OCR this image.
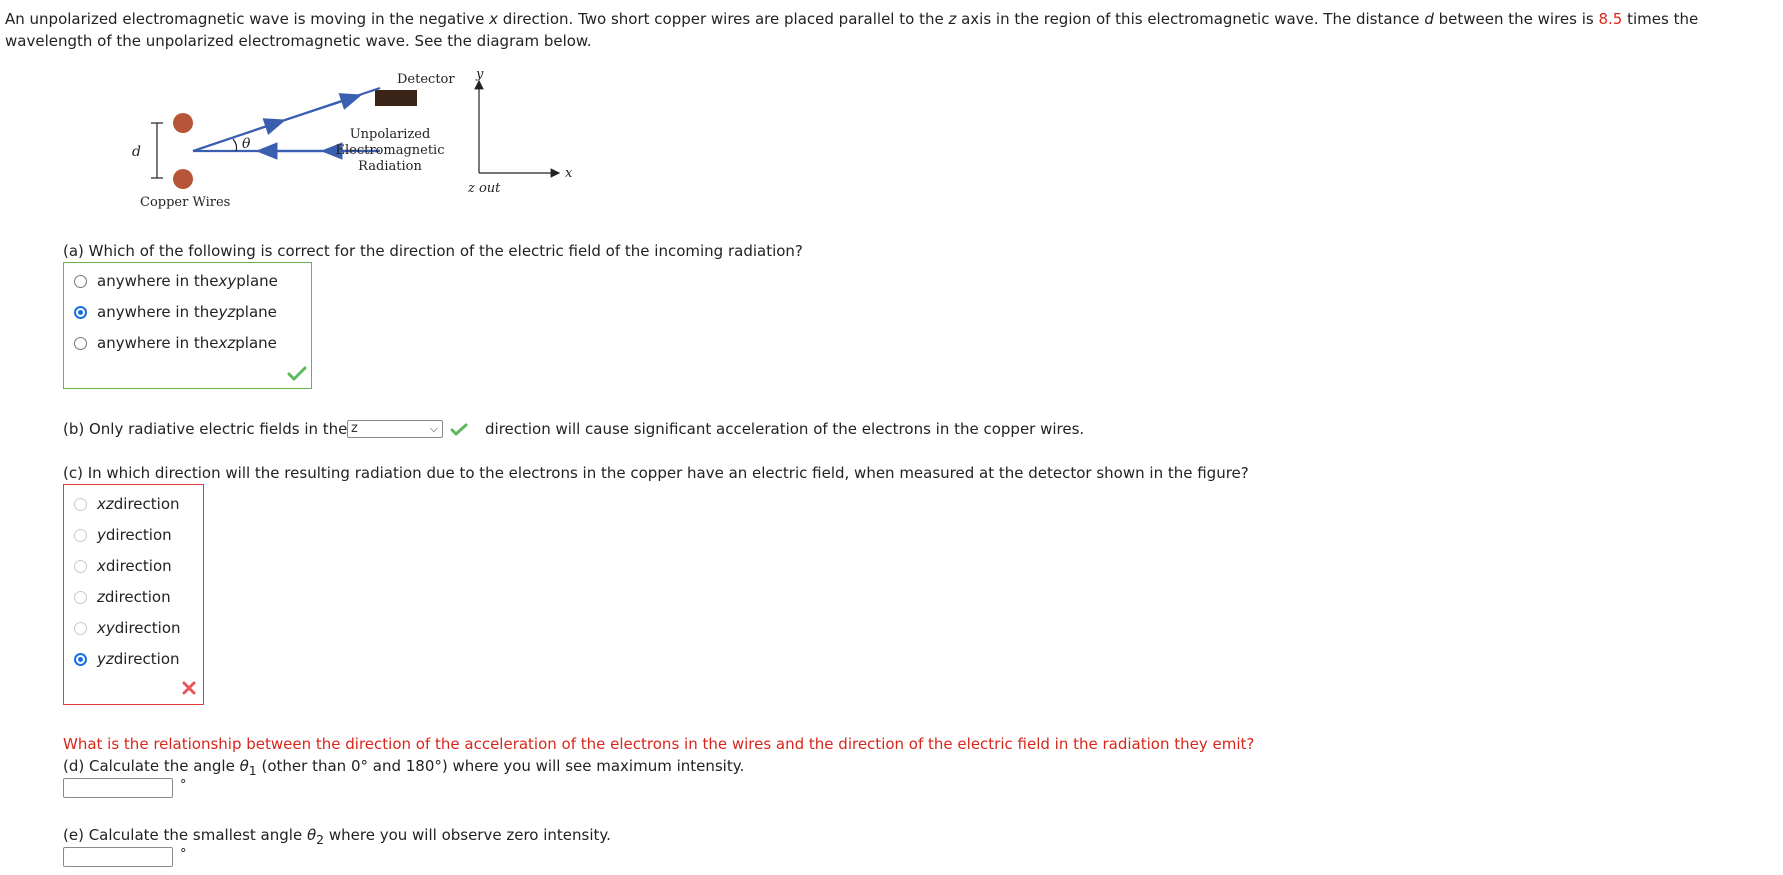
An unpolarized electromagnetic wave is moving in the negative x direction. Two short copper wires are placed parallel to the z axis in the region of this electromagnetic wave. The distance d between the wires is 8.5 times the wavelength of the unpolarized electromagnetic wave. See the diagram below.
Detector
d	θ
Unpolarized
Electromagnetic
Radiation
Copper Wires
y
x
z out
(a) Which of the following is correct for the direction of the electric field of the incoming radiation?
anywhere in the xy plane
anywhere in the yz plane
anywhere in the xz plane
(b) Only radiative electric fields in the z	⌵	direction will cause significant acceleration of the electrons in the copper wires.
(c) In which direction will the resulting radiation due to the electrons in the copper have an electric field, when measured at the detector shown in the figure?
xz direction
y direction
x direction
z direction
xy direction
yz direction
What is the relationship between the direction of the acceleration of the electrons in the wires and the direction of the electric field in the radiation they emit?
(d) Calculate the angle $\theta_1$ (other than 0° and 180°) where you will see maximum intensity.
°
(e) Calculate the smallest angle $\theta_2$ where you will observe zero intensity.
°
